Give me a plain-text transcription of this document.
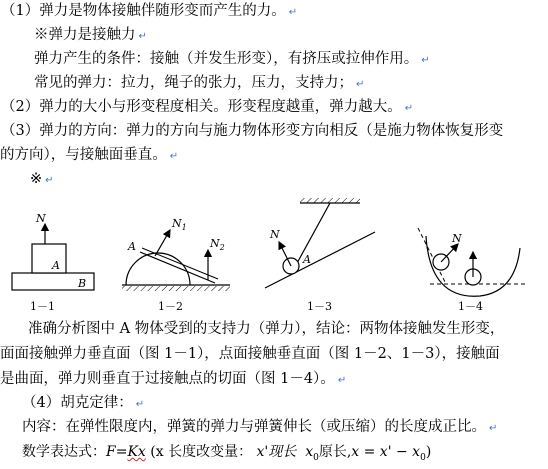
（1）弹力是物体接触伴随形变而产生的力。 ↵
※弹力是接触力 ↵
弹力产生的条件：接触（并发生形变），有挤压或拉伸作用。 ↵
常见的弹力：拉力，绳子的张力，压力，支持力； ↵
（2）弹力的大小与形变程度相关。形变程度越重，弹力越大。 ↵
（3）弹力的方向：弹力的方向与施力物体形变方向相反（是施力物体恢复形变
的方向），与接触面垂直。 ↵
※ ↵
N
A
B
1－1
A
$N_1$
$N_2$
1－2
N
A
1－3
N
1－4
准确分析图中 A 物体受到的支持力（弹力），结论：两物体接触发生形变，
面面接触弹力垂直面（图 1－1），点面接触垂直面（图 1－2、1－3），接触面
是曲面，弹力则垂直于过接触点的切面（图 1－4）。 ↵
（4）胡克定律： ↵
内容：在弹性限度内，弹簧的弹力与弹簧伸长（或压缩）的长度成正比。 ↵
数学表达式：F=Kx (x 长度改变量： x'现长 $x_0$原长$,x = x' - x_0$)
